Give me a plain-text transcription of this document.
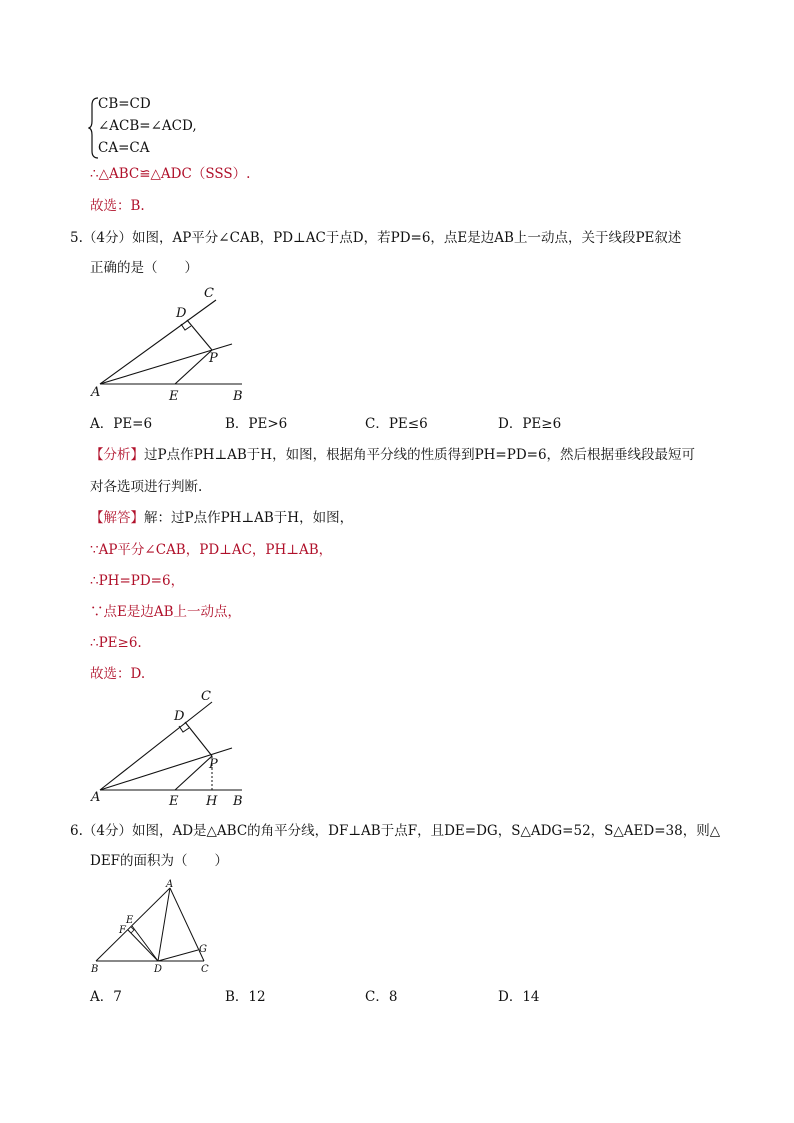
CB=CD
∠ACB=∠ACD,
CA=CA
∴△ABC≌△ADC（SSS）.
故选：B.
5.（4分）如图，AP平分∠CAB，PD⊥AC于点D，若PD=6，点E是边AB上一动点，关于线段PE叙述
正确的是（　　）
C
D
P
A	E	B
A．PE=6	B．PE>6	C．PE≤6	D．PE≥6
【分析】过P点作PH⊥AB于H，如图，根据角平分线的性质得到PH=PD=6，然后根据垂线段最短可
对各选项进行判断.
【解答】解：过P点作PH⊥AB于H，如图，
∵AP平分∠CAB，PD⊥AC，PH⊥AB，
∴PH=PD=6，
∵点E是边AB上一动点，
∴PE≥6.
故选：D.
C
D
P
A	E H B
6.（4分）如图，AD是△ABC的角平分线，DF⊥AB于点F，且DE=DG，S△ADG=52，S△AED=38，则△
DEF的面积为（　　）
A
E
F
G
B	D	C
A．7	B．12	C．8	D．14
